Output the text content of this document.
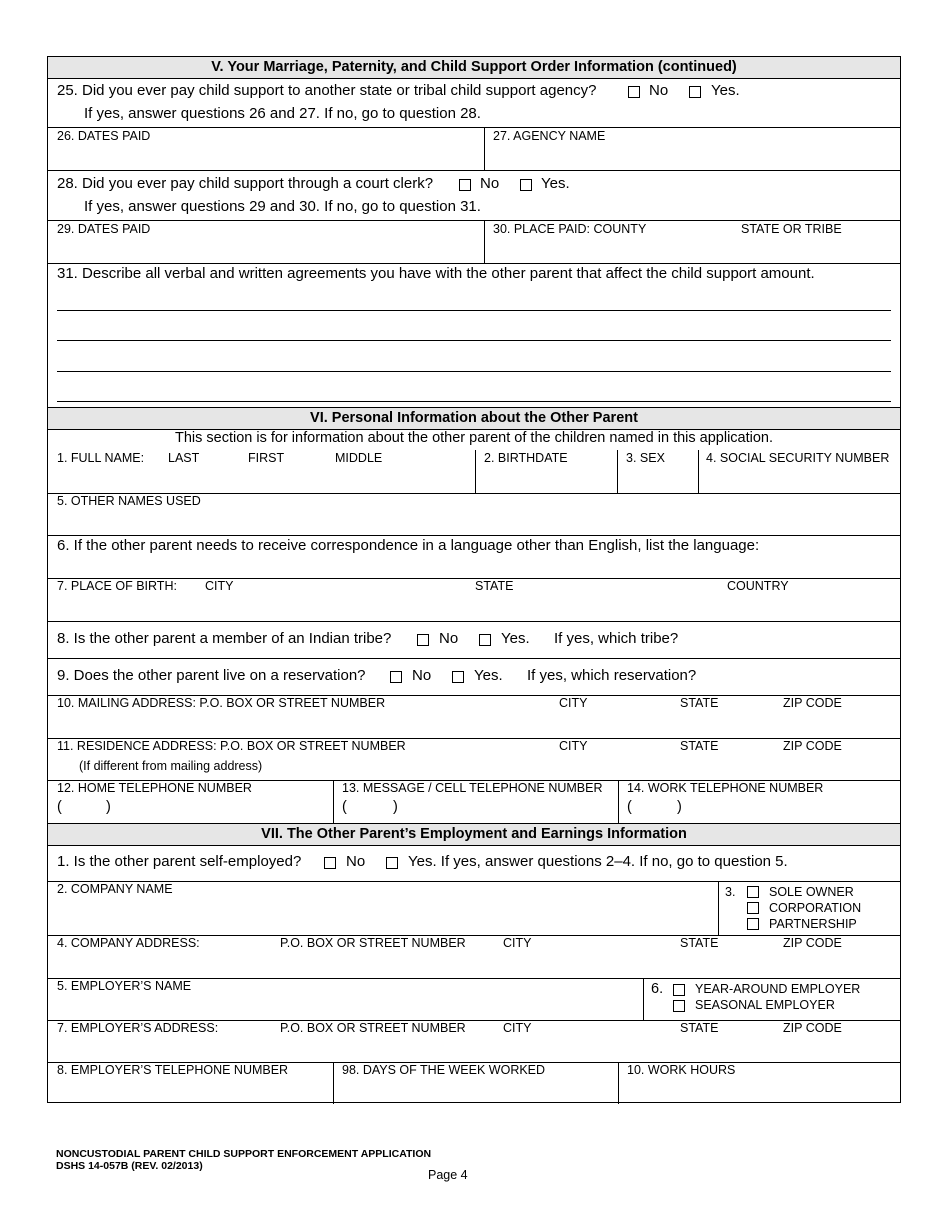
V. Your Marriage, Paternity, and Child Support Order Information (continued)
25. Did you ever pay child support to another state or tribal child support agency?	No	Yes.
If yes, answer questions 26 and 27. If no, go to question 28.
26. DATES PAID	27. AGENCY NAME
28. Did you ever pay child support through a court clerk?	No	Yes.
If yes, answer questions 29 and 30. If no, go to question 31.
29. DATES PAID	30. PLACE PAID: COUNTY	STATE OR TRIBE
31. Describe all verbal and written agreements you have with the other parent that affect the child support amount.
VI. Personal Information about the Other Parent
This section is for information about the other parent of the children named in this application.
1. FULL NAME: LAST	FIRST	MIDDLE	2. BIRTHDATE	3. SEX	4. SOCIAL SECURITY NUMBER
5. OTHER NAMES USED
6. If the other parent needs to receive correspondence in a language other than English, list the language:
7. PLACE OF BIRTH: CITY	STATE	COUNTRY
8. Is the other parent a member of an Indian tribe?	No	Yes. If yes, which tribe?
9. Does the other parent live on a reservation?	No	Yes. If yes, which reservation?
10. MAILING ADDRESS: P.O. BOX OR STREET NUMBER	CITY	STATE	ZIP CODE
11. RESIDENCE ADDRESS: P.O. BOX OR STREET NUMBER	CITY	STATE	ZIP CODE
(If different from mailing address)
12. HOME TELEPHONE NUMBER
(	)
13. MESSAGE / CELL TELEPHONE NUMBER
(	)
14. WORK TELEPHONE NUMBER
(	)
VII. The Other Parent’s Employment and Earnings Information
1. Is the other parent self-employed?	No	Yes. If yes, answer questions 2–4. If no, go to question 5.
2. COMPANY NAME	3.	SOLE OWNER
CORPORATION
PARTNERSHIP
4. COMPANY ADDRESS:	P.O. BOX OR STREET NUMBER	CITY	STATE	ZIP CODE
5. EMPLOYER’S NAME	6.	YEAR-AROUND EMPLOYER
SEASONAL EMPLOYER
7. EMPLOYER’S ADDRESS:	P.O. BOX OR STREET NUMBER	CITY	STATE	ZIP CODE
8. EMPLOYER’S TELEPHONE NUMBER	98. DAYS OF THE WEEK WORKED	10. WORK HOURS
NONCUSTODIAL PARENT CHILD SUPPORT ENFORCEMENT APPLICATION
DSHS 14-057B (REV. 02/2013)
Page 4
